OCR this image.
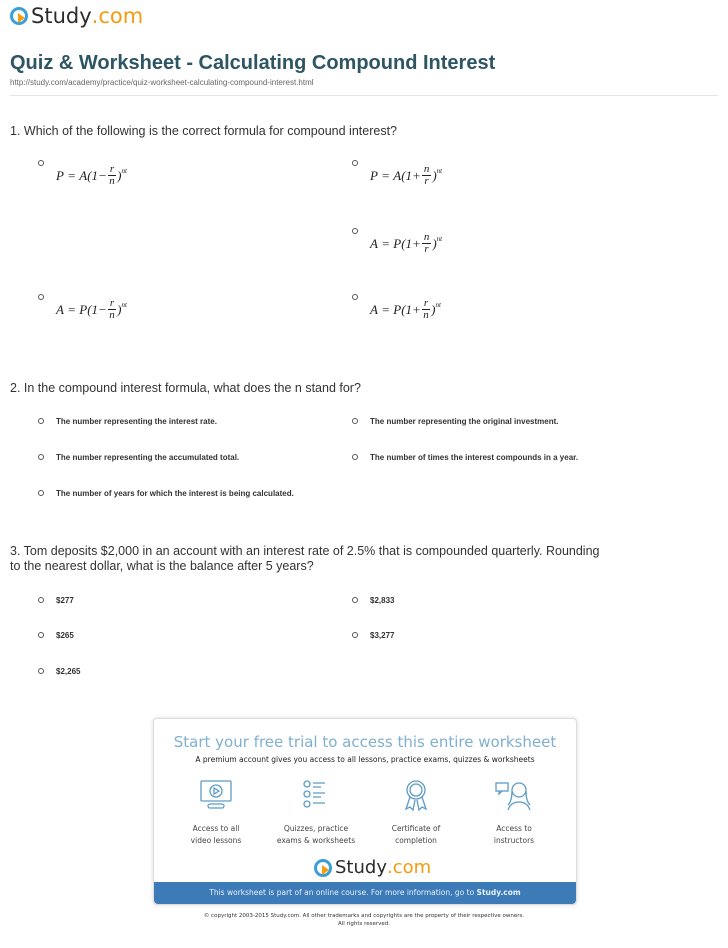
Study .com
Quiz & Worksheet - Calculating Compound Interest
http://study.com/academy/practice/quiz-worksheet-calculating-compound-interest.html
1. Which of the following is the correct formula for compound interest?
P = A $(1 - \frac{r}{n} )^{nt}$	P = A $(1 + \frac{n}{r} )^{nt}$
A = P $(1 + \frac{n}{r} )^{nt}$
A = P $(1 - \frac{r}{n} )^{nt}$	A = P $(1 + \frac{r}{n} )^{nt}$
2. In the compound interest formula, what does the n stand for?
The number representing the interest rate.	The number representing the original investment.
The number representing the accumulated total.	The number of times the interest compounds in a year.
The number of years for which the interest is being calculated.
3. Tom deposits $2,000 in an account with an interest rate of 2.5% that is compounded quarterly. Rounding to the nearest dollar, what is the balance after 5 years?
$277	$2,833
$265	$3,277
$2,265
Start your free trial to access this entire worksheet
A premium account gives you access to all lessons, practice exams, quizzes & worksheets
Access to all
video lessons
Quizzes, practice
exams & worksheets
Certificate of
completion
Access to
instructors
Study .com
This worksheet is part of an online course. For more information, go to Study.com
© copyright 2003-2015 Study.com. All other trademarks and copyrights are the property of their respective owners.
All rights reserved.
